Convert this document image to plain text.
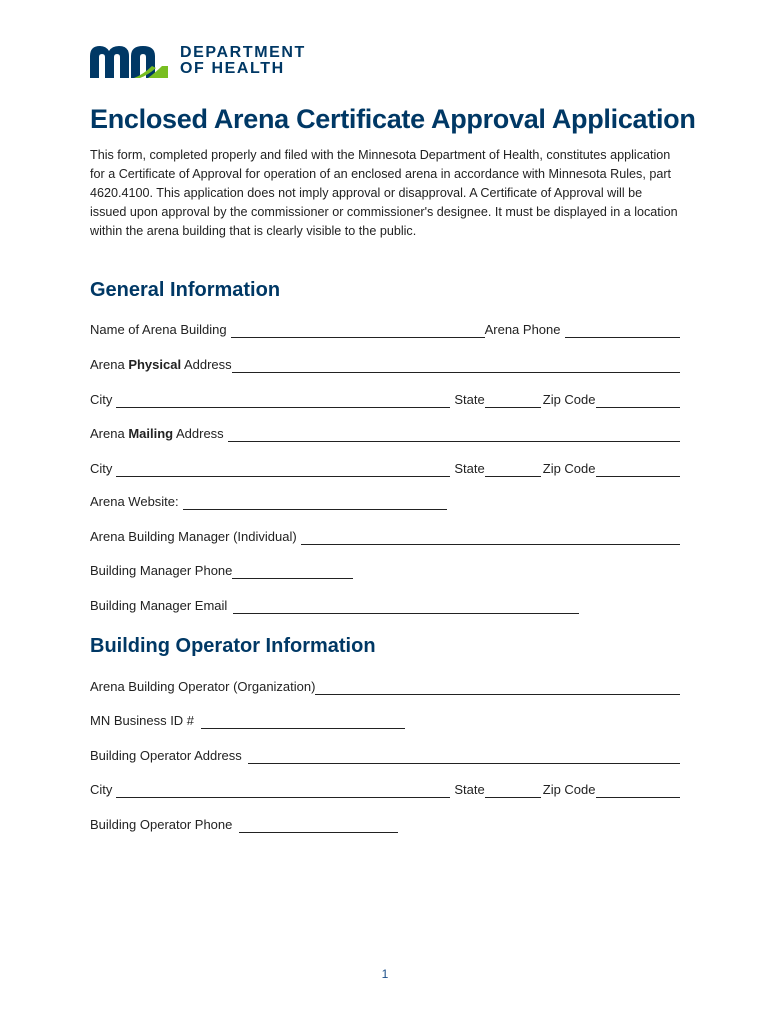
DEPARTMENT
OF HEALTH
Enclosed Arena Certificate Approval Application
This form, completed properly and filed with the Minnesota Department of Health, constitutes application for a Certificate of Approval for operation of an enclosed arena in accordance with Minnesota Rules, part 4620.4100. This application does not imply approval or disapproval. A Certificate of Approval will be issued upon approval by the commissioner or commissioner's designee. It must be displayed in a location within the arena building that is clearly visible to the public.
General Information
Name of Arena Building	Arena Phone
Arena Physical Address
City	State	Zip Code
Arena Mailing Address
City	State	Zip Code
Arena Website:
Arena Building Manager (Individual)
Building Manager Phone
Building Manager Email
Building Operator Information
Arena Building Operator (Organization)
MN Business ID #
Building Operator Address
City	State	Zip Code
Building Operator Phone
1
